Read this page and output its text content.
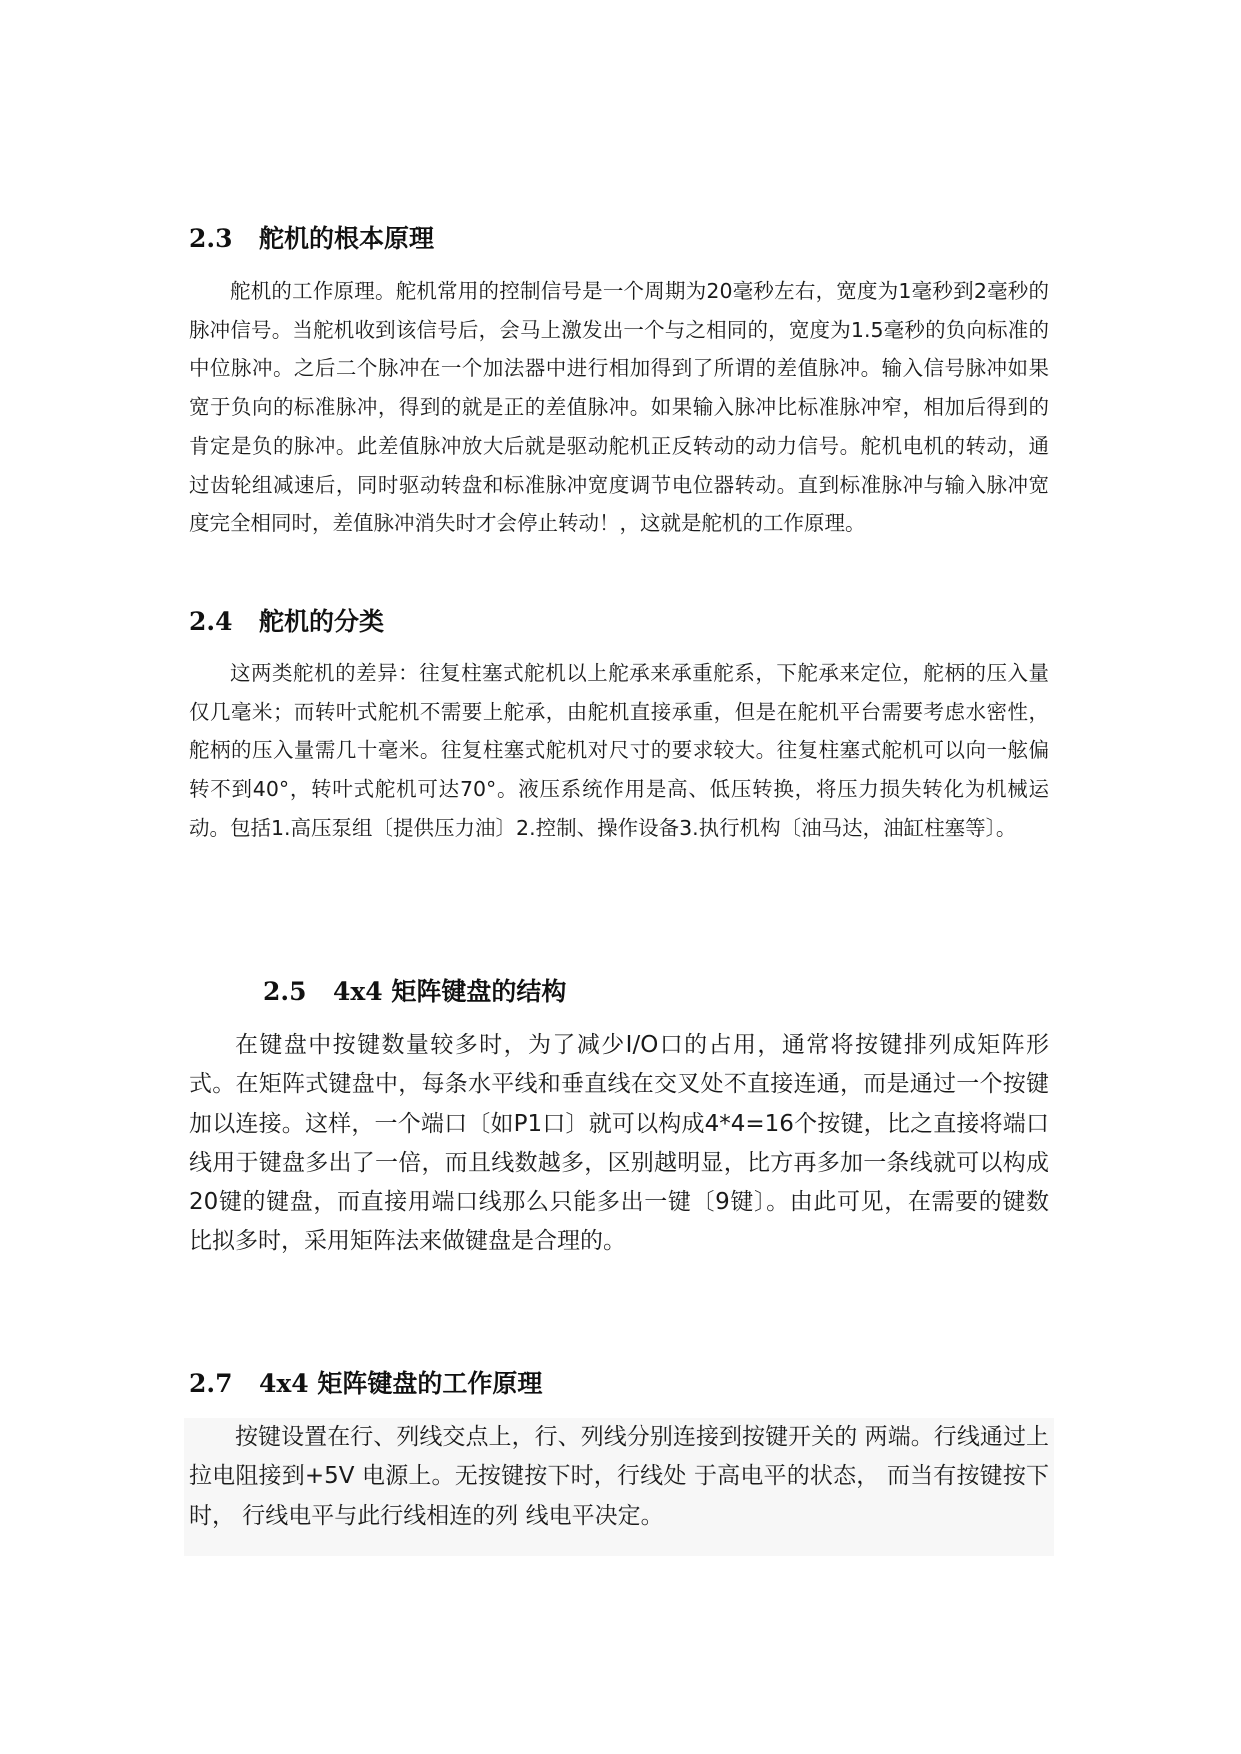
2.3 舵机的根本原理

舵机的工作原理。舵机常用的控制信号是一个周期为20毫秒左右，宽度为1毫秒到2毫秒的脉冲信号。当舵机收到该信号后，会马上激发出一个与之相同的，宽度为1.5毫秒的负向标准的中位脉冲。之后二个脉冲在一个加法器中进行相加得到了所谓的差值脉冲。输入信号脉冲如果宽于负向的标准脉冲，得到的就是正的差值脉冲。如果输入脉冲比标准脉冲窄，相加后得到的肯定是负的脉冲。此差值脉冲放大后就是驱动舵机正反转动的动力信号。舵机电机的转动，通过齿轮组减速后，同时驱动转盘和标准脉冲宽度调节电位器转动。直到标准脉冲与输入脉冲宽度完全相同时，差值脉冲消失时才会停止转动！，这就是舵机的工作原理。

2.4 舵机的分类

这两类舵机的差异：往复柱塞式舵机以上舵承来承重舵系，下舵承来定位，舵柄的压入量仅几毫米；而转叶式舵机不需要上舵承，由舵机直接承重，但是在舵机平台需要考虑水密性，舵柄的压入量需几十毫米。往复柱塞式舵机对尺寸的要求较大。往复柱塞式舵机可以向一舷偏转不到40°，转叶式舵机可达70°。液压系统作用是高、低压转换，将压力损失转化为机械运动。包括1.高压泵组〔提供压力油〕2.控制、操作设备3.执行机构〔油马达，油缸柱塞等〕。

2.5 4x4 矩阵键盘的结构

在键盘中按键数量较多时，为了减少I/O口的占用，通常将按键排列成矩阵形式。在矩阵式键盘中，每条水平线和垂直线在交叉处不直接连通，而是通过一个按键加以连接。这样，一个端口〔如P1口〕就可以构成4*4=16个按键，比之直接将端口线用于键盘多出了一倍，而且线数越多，区别越明显，比方再多加一条线就可以构成20键的键盘，而直接用端口线那么只能多出一键〔9键〕。由此可见，在需要的键数比拟多时，采用矩阵法来做键盘是合理的。

2.7 4x4 矩阵键盘的工作原理

按键设置在行、列线交点上，行、列线分别连接到按键开关的 两端。行线通过上拉电阻接到+5V 电源上。无按键按下时，行线处 于高电平的状态， 而当有按键按下时， 行线电平与此行线相连的列 线电平决定。
